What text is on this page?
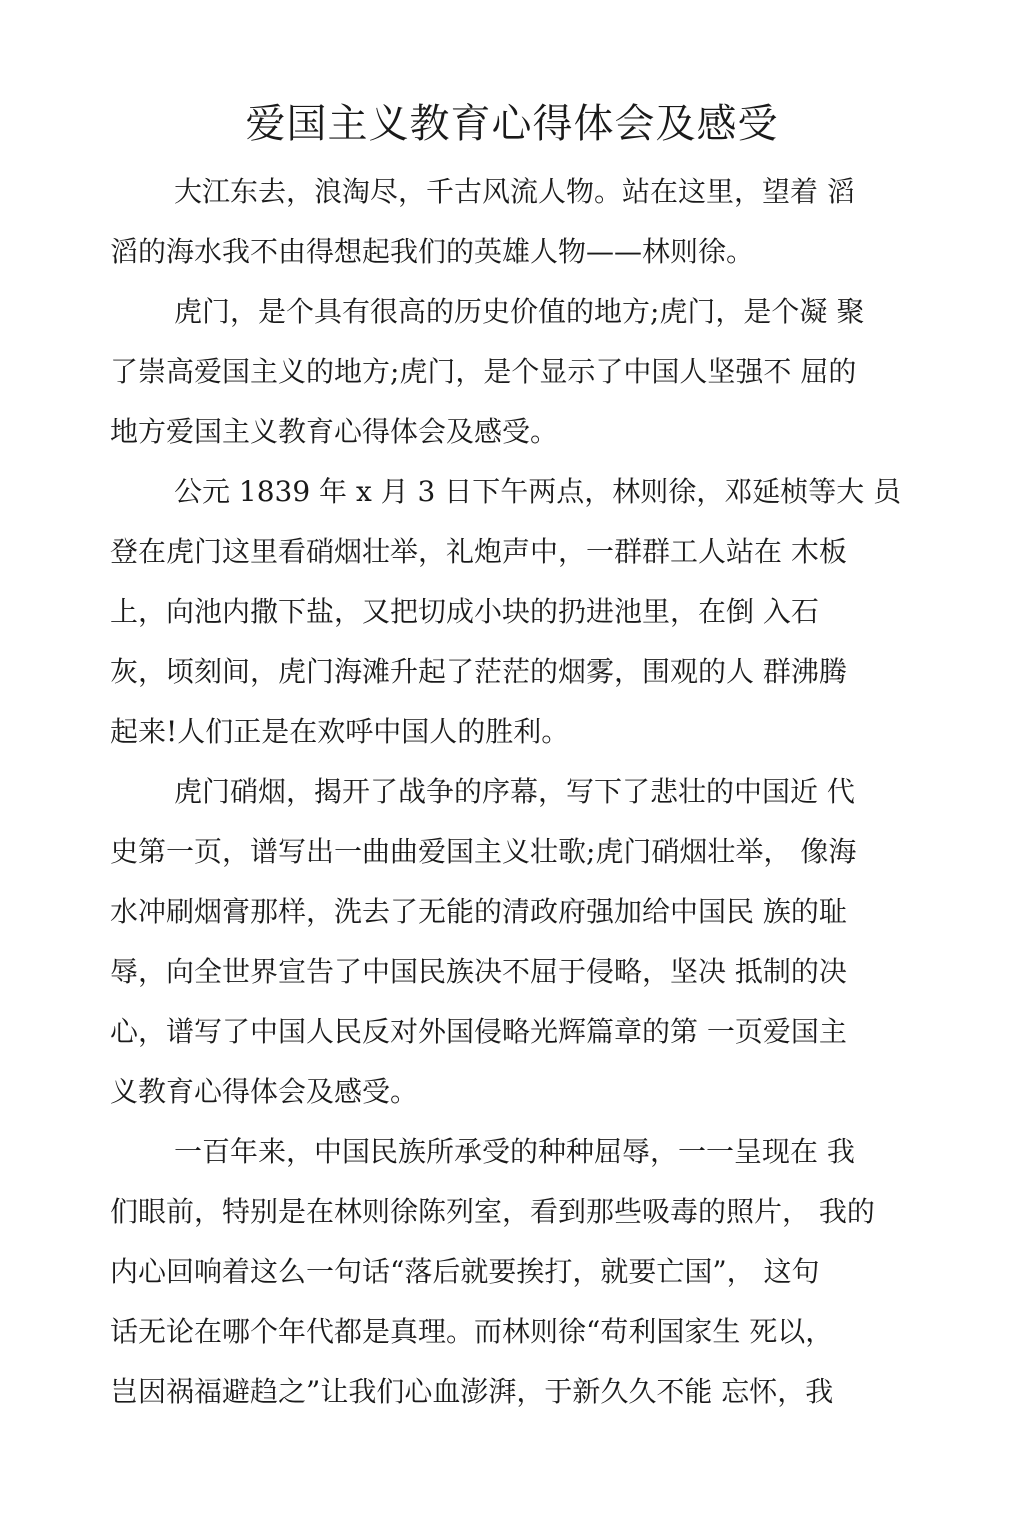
爱国主义教育心得体会及感受
大江东去，浪淘尽，千古风流人物。站在这里，望着 滔
滔的海水我不由得想起我们的英雄人物——林则徐。
虎门，是个具有很高的历史价值的地方;虎门，是个凝 聚
了崇高爱国主义的地方;虎门，是个显示了中国人坚强不 屈的
地方爱国主义教育心得体会及感受。
公元 1839 年 x 月 3 日下午两点，林则徐，邓延桢等大 员
登在虎门这里看硝烟壮举，礼炮声中，一群群工人站在 木板
上，向池内撒下盐，又把切成小块的扔进池里，在倒 入石
灰，顷刻间，虎门海滩升起了茫茫的烟雾，围观的人 群沸腾
起来!人们正是在欢呼中国人的胜利。
虎门硝烟，揭开了战争的序幕，写下了悲壮的中国近 代
史第一页，谱写出一曲曲爱国主义壮歌;虎门硝烟壮举， 像海
水冲刷烟膏那样，洗去了无能的清政府强加给中国民 族的耻
辱，向全世界宣告了中国民族决不屈于侵略，坚决 抵制的决
心，谱写了中国人民反对外国侵略光辉篇章的第 一页爱国主
义教育心得体会及感受。
一百年来，中国民族所承受的种种屈辱，一一呈现在 我
们眼前，特别是在林则徐陈列室，看到那些吸毒的照片， 我的
内心回响着这么一句话“落后就要挨打，就要亡国”， 这句
话无论在哪个年代都是真理。而林则徐“苟利国家生 死以，
岂因祸福避趋之”让我们心血澎湃，于新久久不能 忘怀，我
